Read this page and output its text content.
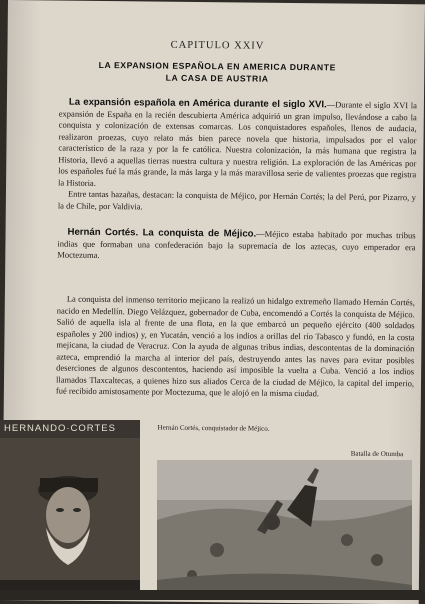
CAPITULO XXIV
LA EXPANSION ESPAÑOLA EN AMERICA DURANTE
LA CASA DE AUSTRIA

La expansión española en América durante el siglo XVI.—Durante el siglo XVI la expansión de España en la recién descubierta América adquirió un gran impulso, llevándose a cabo la conquista y colonización de extensas comarcas. Los conquistadores españoles, llenos de audacia, realizaron proezas, cuyo relato más bien parece novela que historia, impulsados por el valor característico de la raza y por la fe católica. Nuestra colonización, la más humana que registra la Historia, llevó a aquellas tierras nuestra cultura y nuestra religión. La exploración de las Américas por los españoles fué la más grande, la más larga y la más maravillosa serie de valientes proezas que registra la Historia.

Entre tantas hazañas, destacan: la conquista de Méjico, por Hernán Cortés; la del Perú, por Pizarro, y la de Chile, por Valdivia.

Hernán Cortés. La conquista de Méjico.—Méjico estaba habitado por muchas tribus indias que formaban una confederación bajo la supremacía de los aztecas, cuyo emperador era Moctezuma.

La conquista del inmenso territorio mejicano la realizó un hidalgo extremeño llamado Hernán Cortés, nacido en Medellín. Diego Velázquez, gobernador de Cuba, encomendó a Cortés la conquista de Méjico. Salió de aquella isla al frente de una flota, en la que embarcó un pequeño ejército (400 soldados españoles y 200 indios) y, en Yucatán, venció a los indios a orillas del río Tabasco y fundó, en la costa mejicana, la ciudad de Veracruz. Con la ayuda de algunas tribus indias, descontentas de la dominación azteca, emprendió la marcha al interior del país, destruyendo antes las naves para evitar posibles deserciones de algunos descontentos, haciendo así imposible la vuelta a Cuba. Venció a los indios llamados Tlaxcaltecas, a quienes hizo sus aliados Cerca de la ciudad de Méjico, la capital del imperio, fué recibido amistosamente por Moctezuma, que le alojó en la misma ciudad.

Hernán Cortés, conquistador de Méjico.
Batalla de Otumba
HERNANDO·CORTES
